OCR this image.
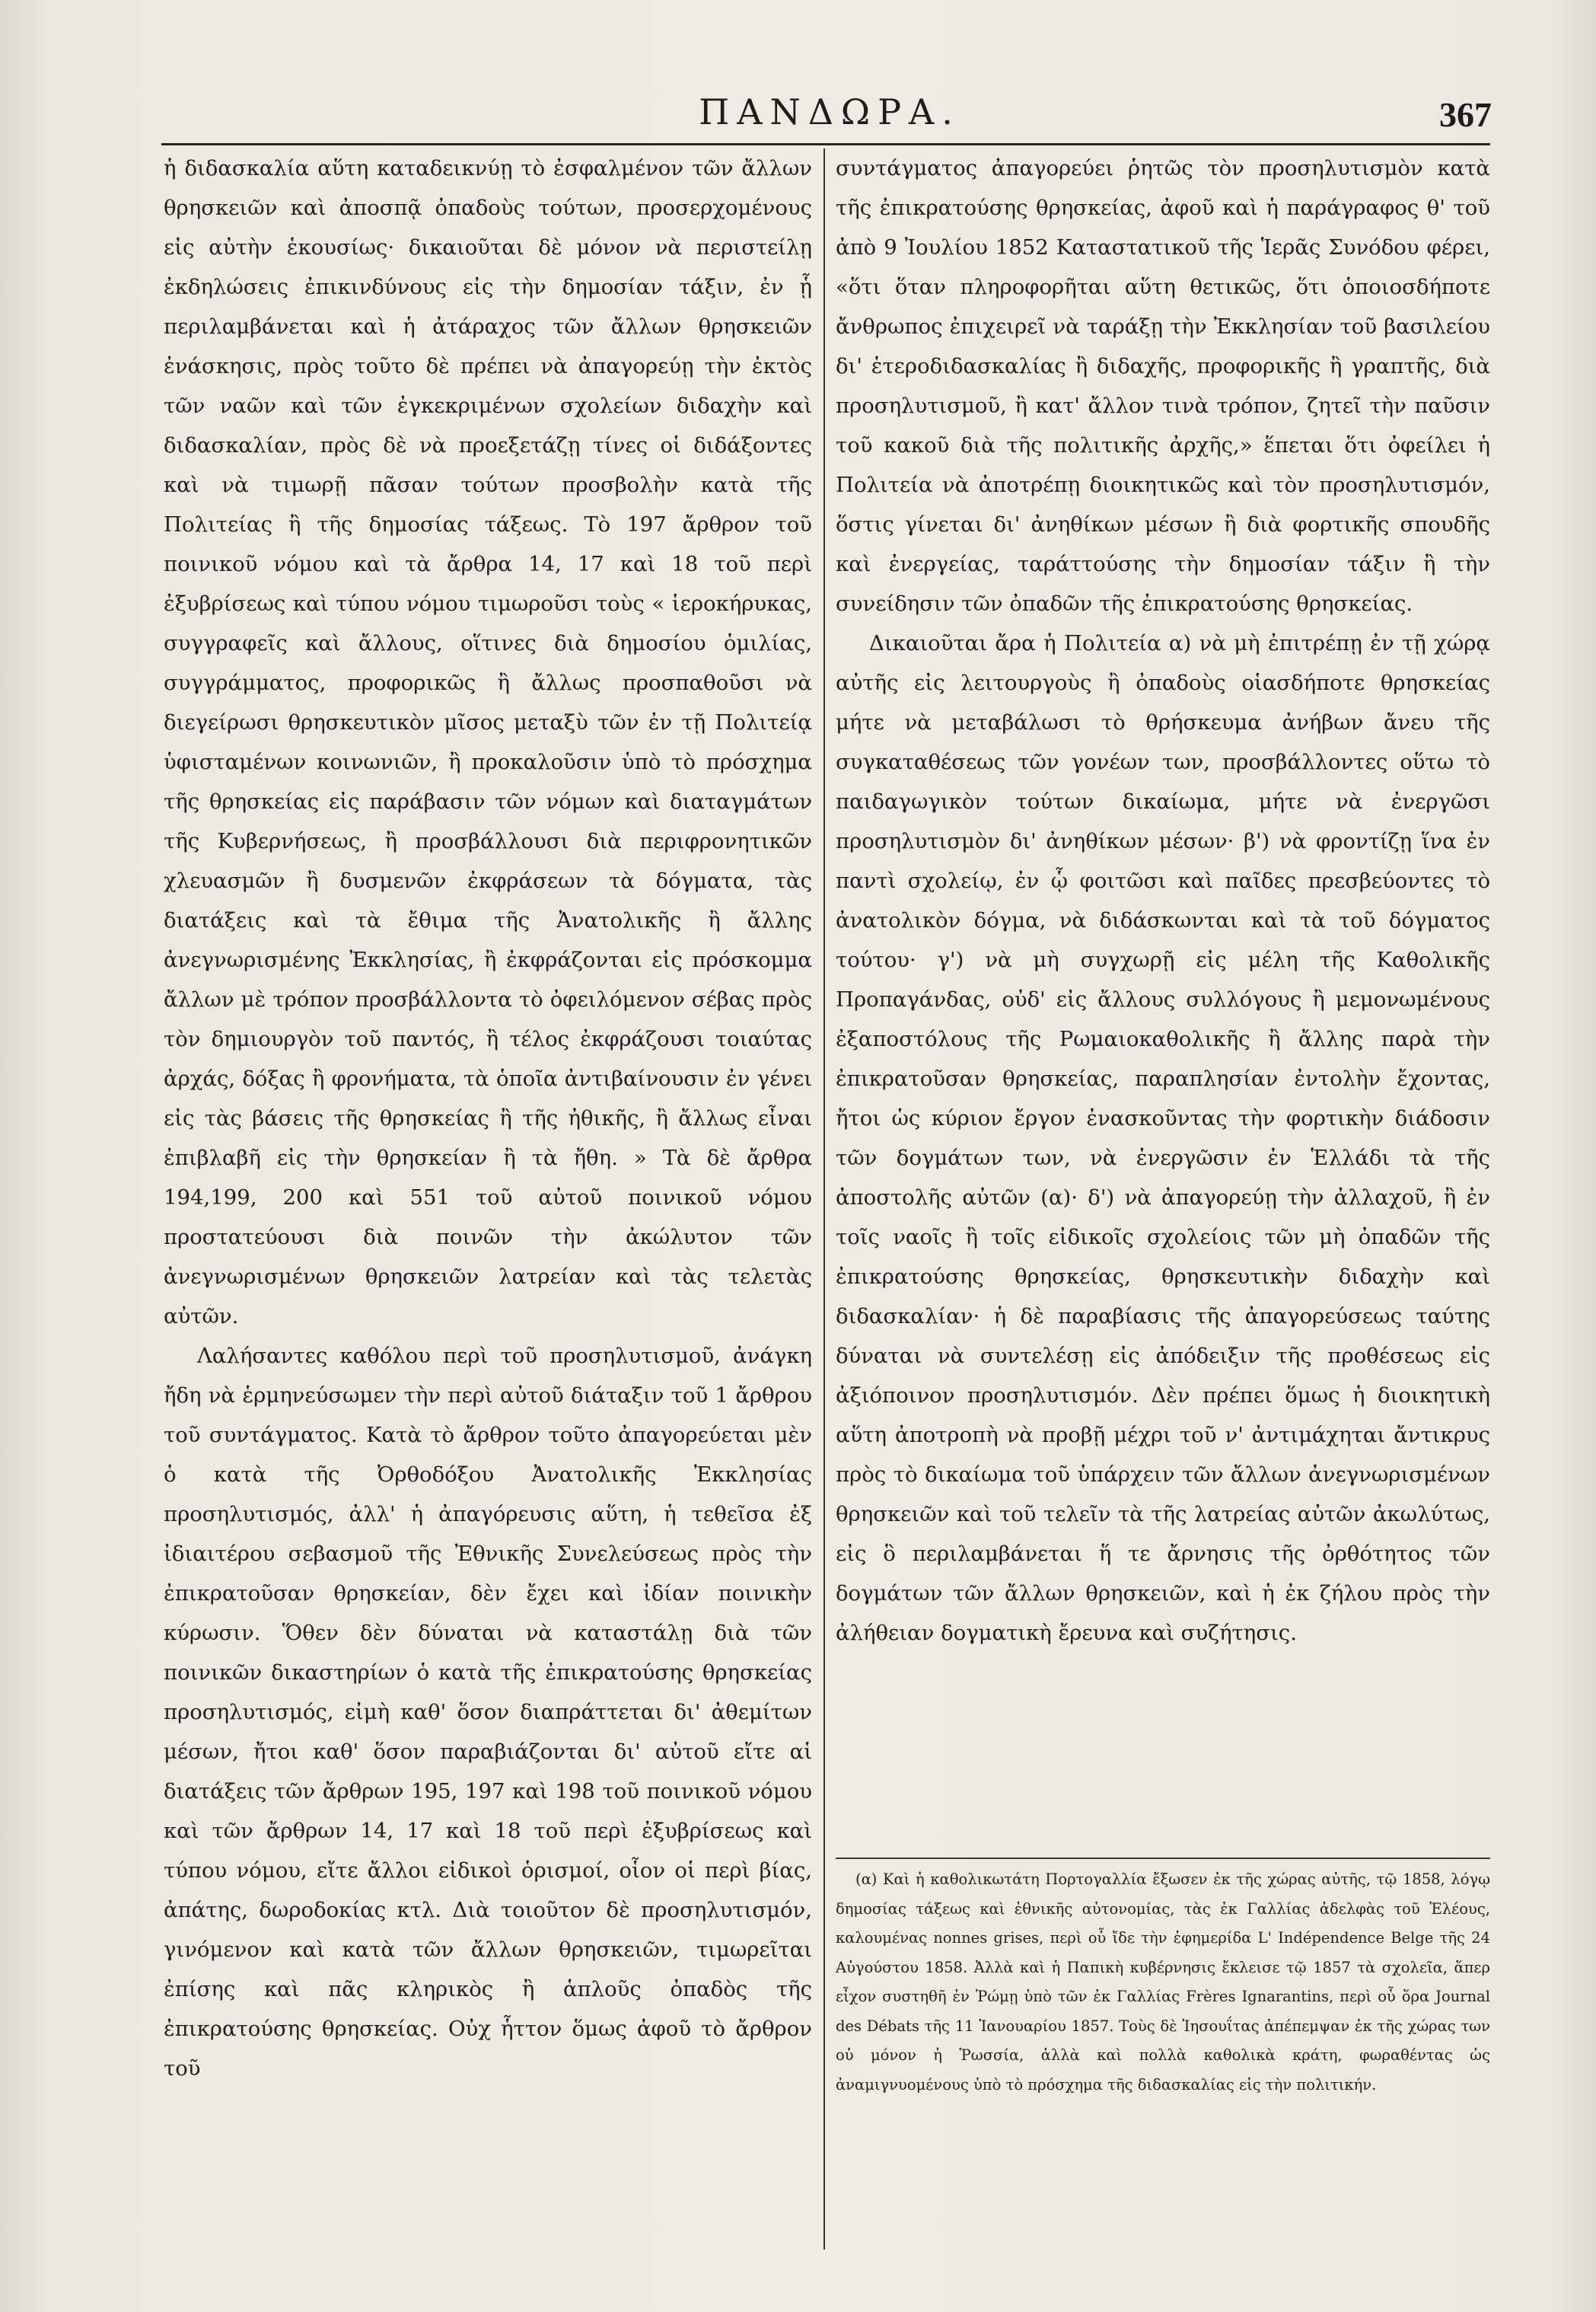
ΠΑΝΔΩΡΑ.	367

ἡ διδασκαλία αὕτη καταδεικνύῃ τὸ ἐσφαλμένον τῶν ἄλλων θρησκειῶν καὶ ἀποσπᾷ ὀπαδοὺς τούτων, προσερχομένους εἰς αὐτὴν ἑκουσίως· δικαιοῦται δὲ μόνον νὰ περιστείλῃ ἐκδηλώσεις ἐπικινδύνους εἰς τὴν δημοσίαν τάξιν, ἐν ᾗ περιλαμβάνεται καὶ ἡ ἀτάραχος τῶν ἄλλων θρησκειῶν ἐνάσκησις, πρὸς τοῦτο δὲ πρέπει νὰ ἀπαγορεύῃ τὴν ἐκτὸς τῶν ναῶν καὶ τῶν ἐγκεκριμένων σχολείων διδαχὴν καὶ διδασκαλίαν, πρὸς δὲ νὰ προεξετάζῃ τίνες οἱ διδάξοντες καὶ νὰ τιμωρῇ πᾶσαν τούτων προσβολὴν κατὰ τῆς Πολιτείας ἢ τῆς δημοσίας τάξεως. Τὸ 197 ἄρθρον τοῦ ποινικοῦ νόμου καὶ τὰ ἄρθρα 14, 17 καὶ 18 τοῦ περὶ ἐξυβρίσεως καὶ τύπου νόμου τιμωροῦσι τοὺς « ἱεροκήρυκας, συγγραφεῖς καὶ ἄλλους, οἵτινες διὰ δημοσίου ὁμιλίας, συγγράμματος, προφορικῶς ἢ ἄλλως προσπαθοῦσι νὰ διεγείρωσι θρησκευτικὸν μῖσος μεταξὺ τῶν ἐν τῇ Πολιτείᾳ ὑφισταμένων κοινωνιῶν, ἢ προκαλοῦσιν ὑπὸ τὸ πρόσχημα τῆς θρησκείας εἰς παράβασιν τῶν νόμων καὶ διαταγμάτων τῆς Κυβερνήσεως, ἢ προσβάλλουσι διὰ περιφρονητικῶν χλευασμῶν ἢ δυσμενῶν ἐκφράσεων τὰ δόγματα, τὰς διατάξεις καὶ τὰ ἔθιμα τῆς Ἀνατολικῆς ἢ ἄλλης ἀνεγνωρισμένης Ἐκκλησίας, ἢ ἐκφράζονται εἰς πρόσκομμα ἄλλων μὲ τρόπον προσβάλλοντα τὸ ὀφειλόμενον σέβας πρὸς τὸν δημιουργὸν τοῦ παντός, ἢ τέλος ἐκφράζουσι τοιαύτας ἀρχάς, δόξας ἢ φρονήματα, τὰ ὁποῖα ἀντιβαίνουσιν ἐν γένει εἰς τὰς βάσεις τῆς θρησκείας ἢ τῆς ἠθικῆς, ἢ ἄλλως εἶναι ἐπιβλαβῆ εἰς τὴν θρησκείαν ἢ τὰ ἤθη. » Τὰ δὲ ἄρθρα 194,199, 200 καὶ 551 τοῦ αὐτοῦ ποινικοῦ νόμου προστατεύουσι διὰ ποινῶν τὴν ἀκώλυτον τῶν ἀνεγνωρισμένων θρησκειῶν λατρείαν καὶ τὰς τελετὰς αὐτῶν.

Λαλήσαντες καθόλου περὶ τοῦ προσηλυτισμοῦ, ἀνάγκη ἤδη νὰ ἑρμηνεύσωμεν τὴν περὶ αὐτοῦ διάταξιν τοῦ 1 ἄρθρου τοῦ συντάγματος. Κατὰ τὸ ἄρθρον τοῦτο ἀπαγορεύεται μὲν ὁ κατὰ τῆς Ὀρθοδόξου Ἀνατολικῆς Ἐκκλησίας προσηλυτισμός, ἀλλ' ἡ ἀπαγόρευσις αὕτη, ἡ τεθεῖσα ἐξ ἰδιαιτέρου σεβασμοῦ τῆς Ἐθνικῆς Συνελεύσεως πρὸς τὴν ἐπικρατοῦσαν θρησκείαν, δὲν ἔχει καὶ ἰδίαν ποινικὴν κύρωσιν. Ὅθεν δὲν δύναται νὰ καταστάλῃ διὰ τῶν ποινικῶν δικαστηρίων ὁ κατὰ τῆς ἐπικρατούσης θρησκείας προσηλυτισμός, εἰμὴ καθ' ὅσον διαπράττεται δι' ἀθεμίτων μέσων, ἤτοι καθ' ὅσον παραβιάζονται δι' αὐτοῦ εἴτε αἱ διατάξεις τῶν ἄρθρων 195, 197 καὶ 198 τοῦ ποινικοῦ νόμου καὶ τῶν ἄρθρων 14, 17 καὶ 18 τοῦ περὶ ἐξυβρίσεως καὶ τύπου νόμου, εἴτε ἄλλοι εἰδικοὶ ὁρισμοί, οἷον οἱ περὶ βίας, ἀπάτης, δωροδοκίας κτλ. Διὰ τοιοῦτον δὲ προσηλυτισμόν, γινόμενον καὶ κατὰ τῶν ἄλλων θρησκειῶν, τιμωρεῖται ἐπίσης καὶ πᾶς κληρικὸς ἢ ἁπλοῦς ὀπαδὸς τῆς ἐπικρατούσης θρησκείας. Οὐχ ἧττον ὅμως ἀφοῦ τὸ ἄρθρον τοῦ

συντάγματος ἀπαγορεύει ῥητῶς τὸν προσηλυτισμὸν κατὰ τῆς ἐπικρατούσης θρησκείας, ἀφοῦ καὶ ἡ παράγραφος θ' τοῦ ἀπὸ 9 Ἰουλίου 1852 Καταστατικοῦ τῆς Ἱερᾶς Συνόδου φέρει, «ὅτι ὅταν πληροφορῆται αὕτη θετικῶς, ὅτι ὁποιοσδήποτε ἄνθρωπος ἐπιχειρεῖ νὰ ταράξῃ τὴν Ἐκκλησίαν τοῦ βασιλείου δι' ἑτεροδιδασκαλίας ἢ διδαχῆς, προφορικῆς ἢ γραπτῆς, διὰ προσηλυτισμοῦ, ἢ κατ' ἄλλον τινὰ τρόπον, ζητεῖ τὴν παῦσιν τοῦ κακοῦ διὰ τῆς πολιτικῆς ἀρχῆς,» ἕπεται ὅτι ὀφείλει ἡ Πολιτεία νὰ ἀποτρέπῃ διοικητικῶς καὶ τὸν προσηλυτισμόν, ὅστις γίνεται δι' ἀνηθίκων μέσων ἢ διὰ φορτικῆς σπουδῆς καὶ ἐνεργείας, ταράττούσης τὴν δημοσίαν τάξιν ἢ τὴν συνείδησιν τῶν ὀπαδῶν τῆς ἐπικρατούσης θρησκείας.

Δικαιοῦται ἄρα ἡ Πολιτεία α) νὰ μὴ ἐπιτρέπῃ ἐν τῇ χώρᾳ αὐτῆς εἰς λειτουργοὺς ἢ ὀπαδοὺς οἱασδήποτε θρησκείας μήτε νὰ μεταβάλωσι τὸ θρήσκευμα ἀνήβων ἄνευ τῆς συγκαταθέσεως τῶν γονέων των, προσβάλλοντες οὕτω τὸ παιδαγωγικὸν τούτων δικαίωμα, μήτε νὰ ἐνεργῶσι προσηλυτισμὸν δι' ἀνηθίκων μέσων· β') νὰ φροντίζῃ ἵνα ἐν παντὶ σχολείῳ, ἐν ᾧ φοιτῶσι καὶ παῖδες πρεσβεύοντες τὸ ἀνατολικὸν δόγμα, νὰ διδάσκωνται καὶ τὰ τοῦ δόγματος τούτου· γ') νὰ μὴ συγχωρῇ εἰς μέλη τῆς Καθολικῆς Προπαγάνδας, οὐδ' εἰς ἄλλους συλλόγους ἢ μεμονωμένους ἐξαποστόλους τῆς Ρωμαιοκαθολικῆς ἢ ἄλλης παρὰ τὴν ἐπικρατοῦσαν θρησκείας, παραπλησίαν ἐντολὴν ἔχοντας, ἤτοι ὡς κύριον ἔργον ἐνασκοῦντας τὴν φορτικὴν διάδοσιν τῶν δογμάτων των, νὰ ἐνεργῶσιν ἐν Ἑλλάδι τὰ τῆς ἀποστολῆς αὐτῶν (α)· δ') νὰ ἀπαγορεύῃ τὴν ἀλλαχοῦ, ἢ ἐν τοῖς ναοῖς ἢ τοῖς εἰδικοῖς σχολείοις τῶν μὴ ὀπαδῶν τῆς ἐπικρατούσης θρησκείας, θρησκευτικὴν διδαχὴν καὶ διδασκαλίαν· ἡ δὲ παραβίασις τῆς ἀπαγορεύσεως ταύτης δύναται νὰ συντελέσῃ εἰς ἀπόδειξιν τῆς προθέσεως εἰς ἀξιόποινον προσηλυτισμόν. Δὲν πρέπει ὅμως ἡ διοικητικὴ αὕτη ἀποτροπὴ νὰ προβῇ μέχρι τοῦ ν' ἀντιμάχηται ἄντικρυς πρὸς τὸ δικαίωμα τοῦ ὑπάρχειν τῶν ἄλλων ἀνεγνωρισμένων θρησκειῶν καὶ τοῦ τελεῖν τὰ τῆς λατρείας αὐτῶν ἀκωλύτως, εἰς ὃ περιλαμβάνεται ἥ τε ἄρνησις τῆς ὀρθότητος τῶν δογμάτων τῶν ἄλλων θρησκειῶν, καὶ ἡ ἐκ ζήλου πρὸς τὴν ἀλήθειαν δογματικὴ ἔρευνα καὶ συζήτησις.

(α) Καὶ ἡ καθολικωτάτη Πορτογαλλία ἔξωσεν ἐκ τῆς χώρας αὐτῆς, τῷ 1858, λόγῳ δημοσίας τάξεως καὶ ἐθνικῆς αὐτονομίας, τὰς ἐκ Γαλλίας ἀδελφὰς τοῦ Ἐλέους, καλουμένας nonnes grises, περὶ οὗ ἴδε τὴν ἐφημερίδα L' Indépendence Belge τῆς 24 Αὐγούστου 1858. Ἀλλὰ καὶ ἡ Παπικὴ κυβέρνησις ἔκλεισε τῷ 1857 τὰ σχολεῖα, ἅπερ εἶχον συστηθῆ ἐν Ῥώμῃ ὑπὸ τῶν ἐκ Γαλλίας Frères Ignarantins, περὶ οὗ ὅρα Journal des Débats τῆς 11 Ἰανουαρίου 1857. Τοὺς δὲ Ἰησουΐτας ἀπέπεμψαν ἐκ τῆς χώρας των οὐ μόνον ἡ Ῥωσσία, ἀλλὰ καὶ πολλὰ καθολικὰ κράτη, φωραθέντας ὡς ἀναμιγνυομένους ὑπὸ τὸ πρόσχημα τῆς διδασκαλίας εἰς τὴν πολιτικήν.
